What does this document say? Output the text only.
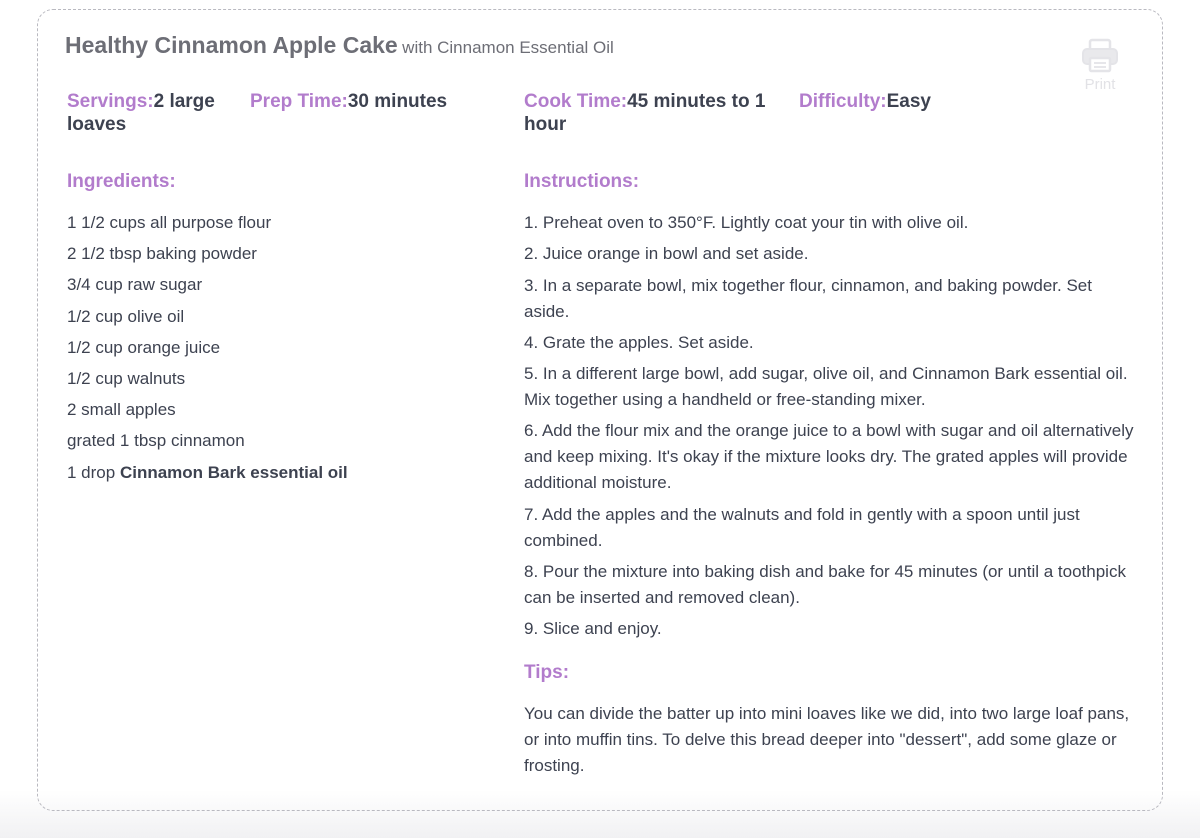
Healthy Cinnamon Apple Cake with Cinnamon Essential Oil
Print
Servings:2 large loaves
Prep Time:30 minutes	Cook Time:45 minutes to 1 hour
Difficulty:Easy
Ingredients:
1 1/2 cups all purpose flour
2 1/2 tbsp baking powder
3/4 cup raw sugar
1/2 cup olive oil
1/2 cup orange juice
1/2 cup walnuts
2 small apples
grated 1 tbsp cinnamon
1 drop Cinnamon Bark essential oil
Instructions:
1. Preheat oven to 350°F. Lightly coat your tin with olive oil.
2. Juice orange in bowl and set aside.
3. In a separate bowl, mix together flour, cinnamon, and baking powder. Set aside.
4. Grate the apples. Set aside.
5. In a different large bowl, add sugar, olive oil, and Cinnamon Bark essential oil. Mix together using a handheld or free-standing mixer.
6. Add the flour mix and the orange juice to a bowl with sugar and oil alternatively and keep mixing. It's okay if the mixture looks dry. The grated apples will provide additional moisture.
7. Add the apples and the walnuts and fold in gently with a spoon until just combined.
8. Pour the mixture into baking dish and bake for 45 minutes (or until a toothpick can be inserted and removed clean).
9. Slice and enjoy.
Tips:

You can divide the batter up into mini loaves like we did, into two large loaf pans, or into muffin tins. To delve this bread deeper into "dessert", add some glaze or frosting.
